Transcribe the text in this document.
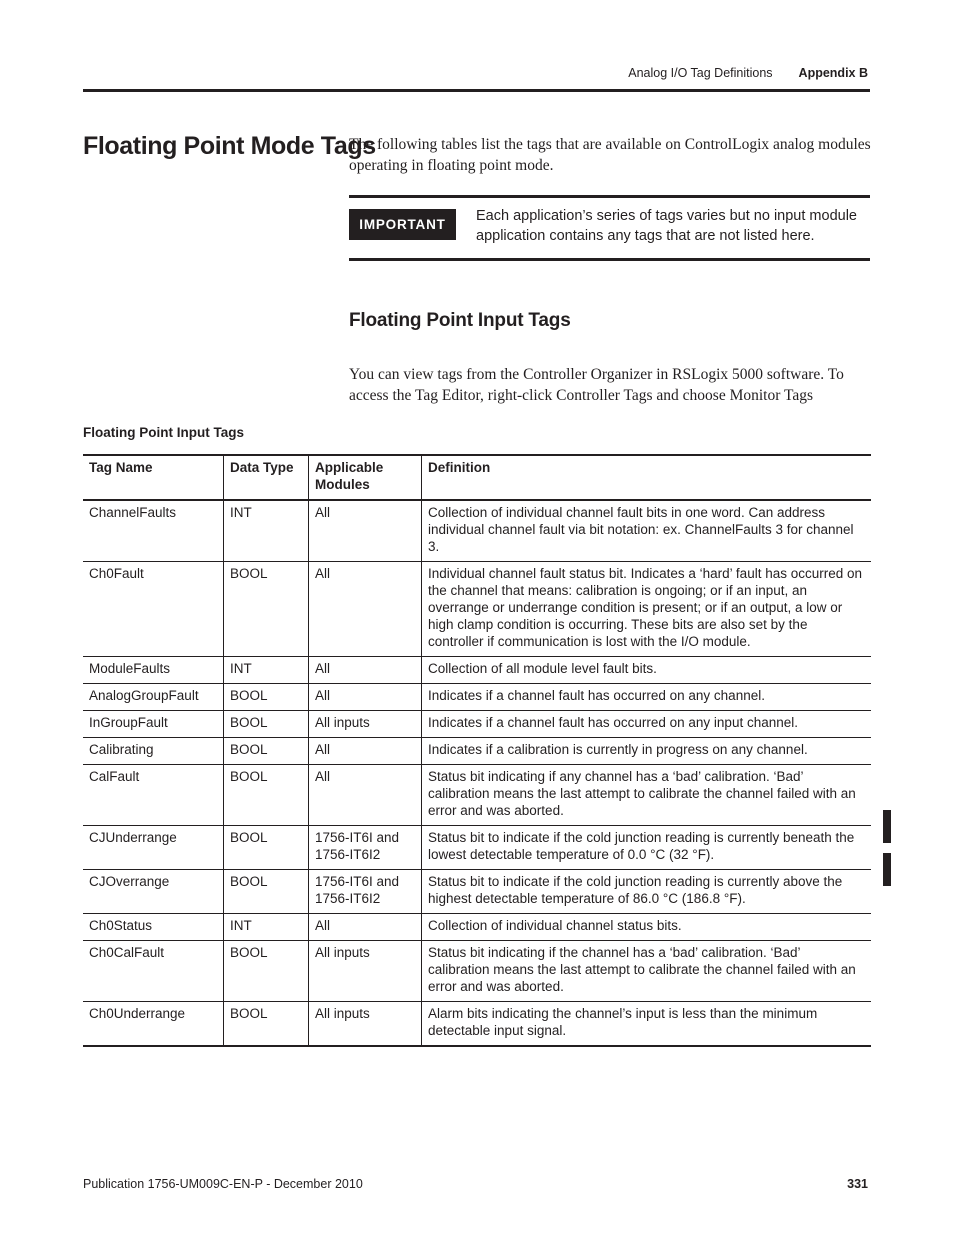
Analog I/O Tag Definitions Appendix B
Floating Point Mode Tags
The following tables list the tags that are available on ControlLogix analog modules operating in floating point mode.
IMPORTANT
Each application’s series of tags varies but no input module application contains any tags that are not listed here.
Floating Point Input Tags
You can view tags from the Controller Organizer in RSLogix 5000 software. To access the Tag Editor, right-click Controller Tags and choose Monitor Tags
Floating Point Input Tags
Tag Name	Data Type	Applicable Modules	Definition
ChannelFaults	INT	All	Collection of individual channel fault bits in one word. Can address individual channel fault via bit notation: ex. ChannelFaults 3 for channel 3.
Ch0Fault	BOOL	All	Individual channel fault status bit. Indicates a ‘hard’ fault has occurred on the channel that means: calibration is ongoing; or if an input, an overrange or underrange condition is present; or if an output, a low or high clamp condition is occurring. These bits are also set by the controller if communication is lost with the I/O module.
ModuleFaults	INT	All	Collection of all module level fault bits.
AnalogGroupFault	BOOL	All	Indicates if a channel fault has occurred on any channel.
InGroupFault	BOOL	All inputs	Indicates if a channel fault has occurred on any input channel.
Calibrating	BOOL	All	Indicates if a calibration is currently in progress on any channel.
CalFault	BOOL	All	Status bit indicating if any channel has a ‘bad’ calibration. ‘Bad’ calibration means the last attempt to calibrate the channel failed with an error and was aborted.
CJUnderrange	BOOL	1756-IT6I and 1756-IT6I2	Status bit to indicate if the cold junction reading is currently beneath the lowest detectable temperature of 0.0 °C (32 °F).
CJOverrange	BOOL	1756-IT6I and 1756-IT6I2	Status bit to indicate if the cold junction reading is currently above the highest detectable temperature of 86.0 °C (186.8 °F).
Ch0Status	INT	All	Collection of individual channel status bits.
Ch0CalFault	BOOL	All inputs	Status bit indicating if the channel has a ‘bad’ calibration. ‘Bad’ calibration means the last attempt to calibrate the channel failed with an error and was aborted.
Ch0Underrange	BOOL	All inputs	Alarm bits indicating the channel’s input is less than the minimum detectable input signal.
Publication 1756-UM009C-EN-P - December 2010	331
